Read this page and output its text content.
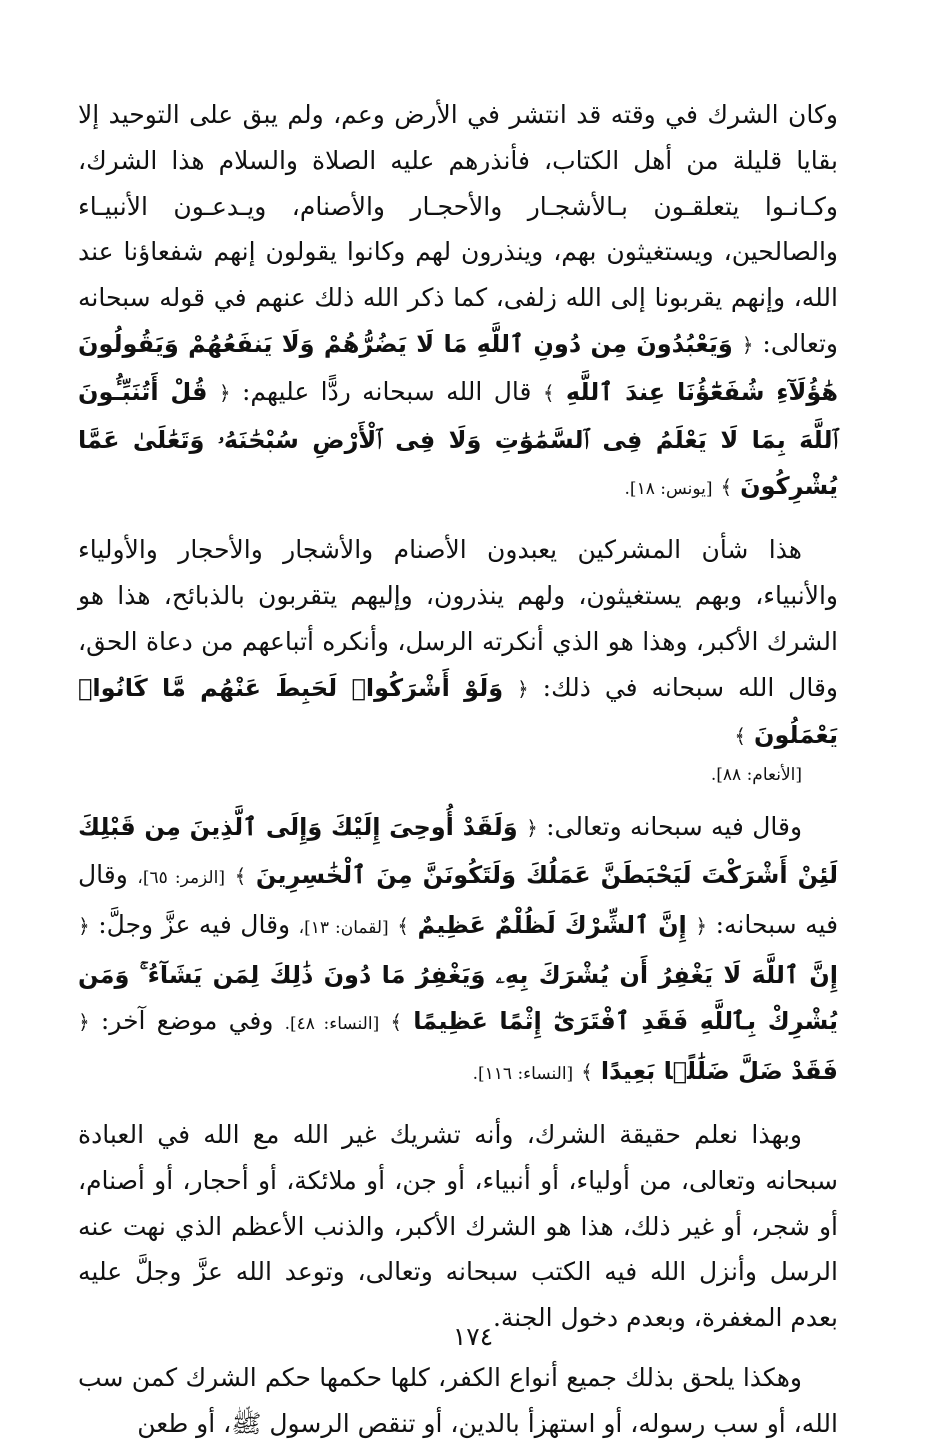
وكان الشرك في وقته قد انتشر في الأرض وعم، ولم يبق على التوحيد إلا بقايا قليلة من أهل الكتاب، فأنذرهم عليه الصلاة والسلام هذا الشرك، وكـانـوا يتعلقـون بـالأشجـار والأحجـار والأصنام، ويـدعـون الأنبيـاء والصالحين، ويستغيثون بهم، وينذرون لهم وكانوا يقولون إنهم شفعاؤنا عند الله، وإنهم يقربونا إلى الله زلفى، كما ذكر الله ذلك عنهم في قوله سبحانه وتعالى: ﴿ وَيَعْبُدُونَ مِن دُونِ ٱللَّهِ مَا لَا يَضُرُّهُمْ وَلَا يَنفَعُهُمْ وَيَقُولُونَ هَٰؤُلَآءِ شُفَعَٰٓؤُنَا عِندَ ٱللَّهِ ﴾ قال الله سبحانه ردًّا عليهم: ﴿ قُلْ أَتُنَبِّـُٔونَ ٱللَّهَ بِمَا لَا يَعْلَمُ فِى ٱلسَّمَٰوَٰتِ وَلَا فِى ٱلْأَرْضِ سُبْحَٰنَهُۥ وَتَعَٰلَىٰ عَمَّا يُشْرِكُونَ ﴾ [يونس: ١٨].

هذا شأن المشركين يعبدون الأصنام والأشجار والأحجار والأولياء والأنبياء، وبهم يستغيثون، ولهم ينذرون، وإليهم يتقربون بالذبائح، هذا هو الشرك الأكبر، وهذا هو الذي أنكرته الرسل، وأنكره أتباعهم من دعاة الحق، وقال الله سبحانه في ذلك: ﴿ وَلَوْ أَشْرَكُوا۟ لَحَبِطَ عَنْهُم مَّا كَانُوا۟ يَعْمَلُونَ ﴾
[الأنعام: ٨٨].

وقال فيه سبحانه وتعالى: ﴿ وَلَقَدْ أُوحِىَ إِلَيْكَ وَإِلَى ٱلَّذِينَ مِن قَبْلِكَ لَئِنْ أَشْرَكْتَ لَيَحْبَطَنَّ عَمَلُكَ وَلَتَكُونَنَّ مِنَ ٱلْخَٰسِرِينَ ﴾ [الزمر: ٦٥]، وقال فيه سبحانه: ﴿ إِنَّ ٱلشِّرْكَ لَظُلْمٌ عَظِيمٌ ﴾ [لقمان: ١٣]، وقال فيه عزَّ وجلَّ: ﴿ إِنَّ ٱللَّهَ لَا يَغْفِرُ أَن يُشْرَكَ بِهِۦ وَيَغْفِرُ مَا دُونَ ذَٰلِكَ لِمَن يَشَآءُ ۚ وَمَن يُشْرِكْ بِٱللَّهِ فَقَدِ ٱفْتَرَىٰٓ إِثْمًا عَظِيمًا ﴾ [النساء: ٤٨]. وفي موضع آخر: ﴿ فَقَدْ ضَلَّ ضَلَٰلًۢا بَعِيدًا ﴾ [النساء: ١١٦].

وبهذا نعلم حقيقة الشرك، وأنه تشريك غير الله مع الله في العبادة سبحانه وتعالى، من أولياء، أو أنبياء، أو جن، أو ملائكة، أو أحجار، أو أصنام، أو شجر، أو غير ذلك، هذا هو الشرك الأكبر، والذنب الأعظم الذي نهت عنه الرسل وأنزل الله فيه الكتب سبحانه وتعالى، وتوعد الله عزَّ وجلَّ عليه بعدم المغفرة، وبعدم دخول الجنة.

وهكذا يلحق بذلك جميع أنواع الكفر، كلها حكمها حكم الشرك كمن سب الله، أو سب رسوله، أو استهزأ بالدين، أو تنقص الرسول ﷺ، أو طعن

١٧٤
